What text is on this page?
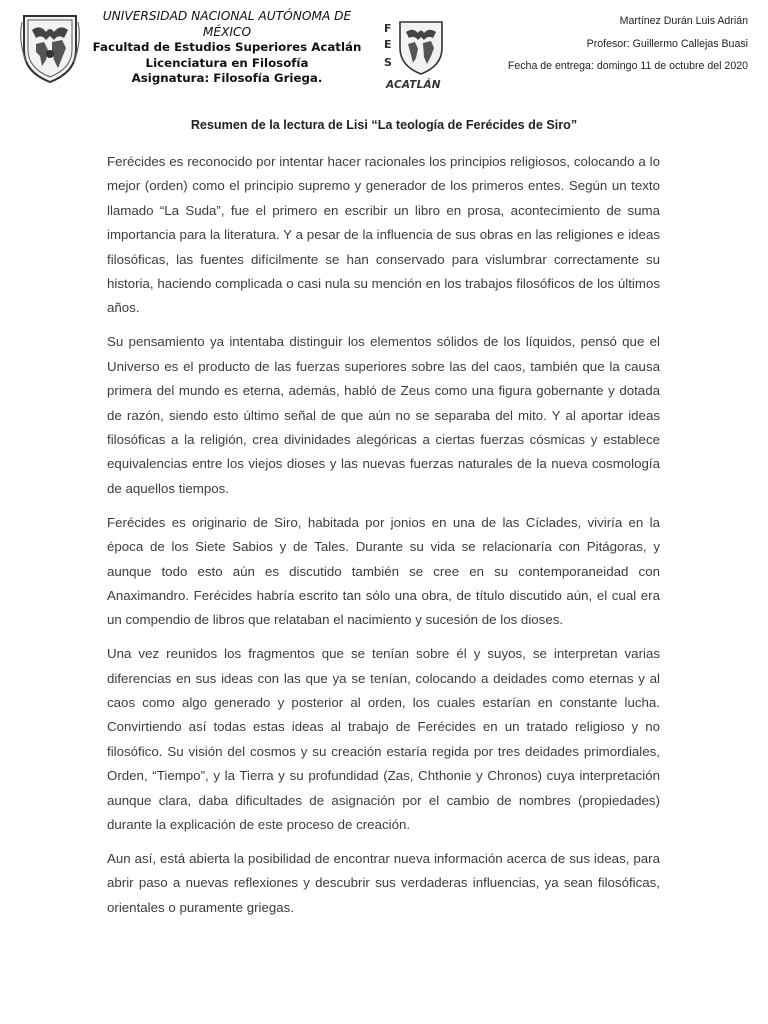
UNIVERSIDAD NACIONAL AUTÓNOMA DE MÉXICO
Facultad de Estudios Superiores Acatlán
Licenciatura en Filosofía
Asignatura: Filosofía Griega.
F
E
S
ACATLÁN
Martínez Durán Luis Adrián
Profesor: Guillermo Callejas Buasi
Fecha de entrega: domingo 11 de octubre del 2020
Resumen de la lectura de Lisi “La teología de Ferécides de Siro”

Ferécides es reconocido por intentar hacer racionales los principios religiosos, colocando a lo mejor (orden) como el principio supremo y generador de los primeros entes. Según un texto llamado “La Suda”, fue el primero en escribir un libro en prosa, acontecimiento de suma importancia para la literatura. Y a pesar de la influencia de sus obras en las religiones e ideas filosóficas, las fuentes difícilmente se han conservado para vislumbrar correctamente su historia, haciendo complicada o casi nula su mención en los trabajos filosóficos de los últimos años.

Su pensamiento ya intentaba distinguir los elementos sólidos de los líquidos, pensó que el Universo es el producto de las fuerzas superiores sobre las del caos, también que la causa primera del mundo es eterna, además, habló de Zeus como una figura gobernante y dotada de razón, siendo esto último señal de que aún no se separaba del mito. Y al aportar ideas filosóficas a la religión, crea divinidades alegóricas a ciertas fuerzas cósmicas y establece equivalencias entre los viejos dioses y las nuevas fuerzas naturales de la nueva cosmología de aquellos tiempos.

Ferécides es originario de Siro, habitada por jonios en una de las Cíclades, viviría en la época de los Siete Sabios y de Tales. Durante su vida se relacionaría con Pitágoras, y aunque todo esto aún es discutido también se cree en su contemporaneidad con Anaximandro. Ferécides habría escrito tan sólo una obra, de título discutido aún, el cual era un compendio de libros que relataban el nacimiento y sucesión de los dioses.

Una vez reunidos los fragmentos que se tenían sobre él y suyos, se interpretan varias diferencias en sus ideas con las que ya se tenían, colocando a deidades como eternas y al caos como algo generado y posterior al orden, los cuales estarían en constante lucha. Convirtiendo así todas estas ideas al trabajo de Ferécides en un tratado religioso y no filosófico. Su visión del cosmos y su creación estaría regida por tres deidades primordiales, Orden, “Tiempo”, y la Tierra y su profundidad (Zas, Chthonie y Chronos) cuya interpretación aunque clara, daba dificultades de asignación por el cambio de nombres (propiedades) durante la explicación de este proceso de creación.

Aun así, está abierta la posibilidad de encontrar nueva información acerca de sus ideas, para abrir paso a nuevas reflexiones y descubrir sus verdaderas influencias, ya sean filosóficas, orientales o puramente griegas.
